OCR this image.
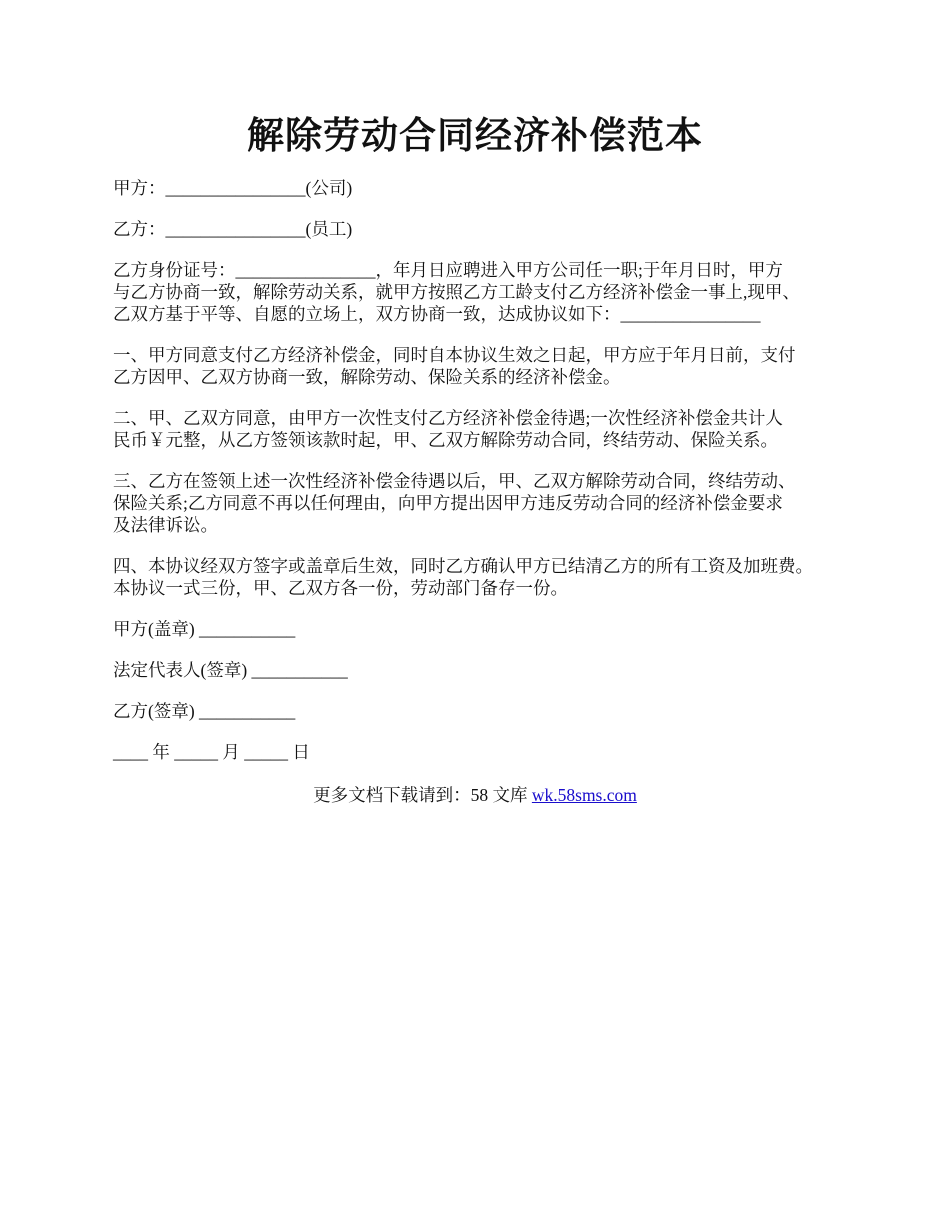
解除劳动合同经济补偿范本

甲方：________________(公司)

乙方：________________(员工)

乙方身份证号：________________，年月日应聘进入甲方公司任一职;于年月日时，甲方
与乙方协商一致，解除劳动关系，就甲方按照乙方工龄支付乙方经济补偿金一事上,现甲、
乙双方基于平等、自愿的立场上，双方协商一致，达成协议如下：________________

一、甲方同意支付乙方经济补偿金，同时自本协议生效之日起，甲方应于年月日前，支付
乙方因甲、乙双方协商一致，解除劳动、保险关系的经济补偿金。

二、甲、乙双方同意，由甲方一次性支付乙方经济补偿金待遇;一次性经济补偿金共计人
民币￥元整，从乙方签领该款时起，甲、乙双方解除劳动合同，终结劳动、保险关系。

三、乙方在签领上述一次性经济补偿金待遇以后，甲、乙双方解除劳动合同，终结劳动、
保险关系;乙方同意不再以任何理由，向甲方提出因甲方违反劳动合同的经济补偿金要求
及法律诉讼。

四、本协议经双方签字或盖章后生效，同时乙方确认甲方已结清乙方的所有工资及加班费。
本协议一式三份，甲、乙双方各一份，劳动部门备存一份。

甲方(盖章) ___________

法定代表人(签章) ___________

乙方(签章) ___________

____ 年 _____ 月 _____ 日

更多文档下载请到：58 文库 wk.58sms.com
